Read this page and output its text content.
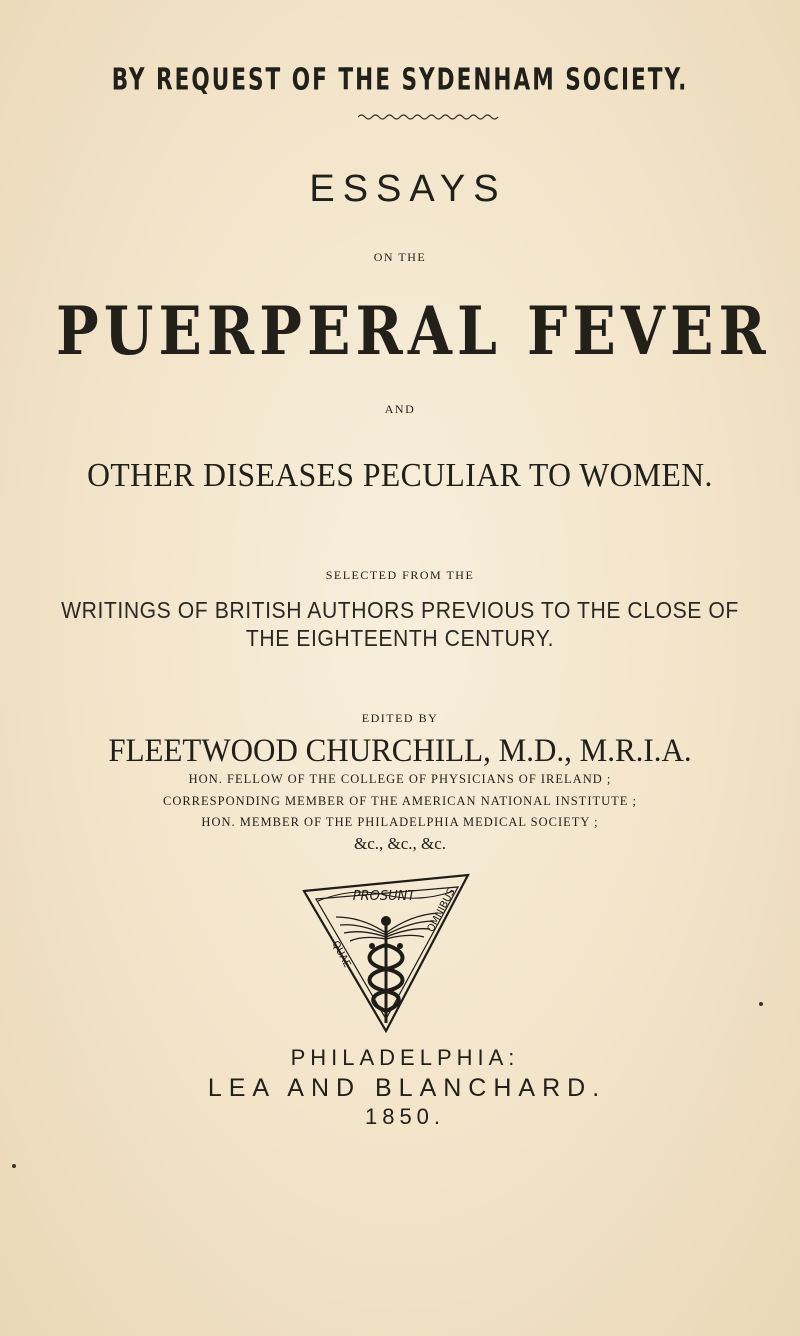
BY REQUEST OF THE SYDENHAM SOCIETY.
ESSAYS
ON THE
PUERPERAL FEVER
AND
OTHER DISEASES PECULIAR TO WOMEN.
SELECTED FROM THE
WRITINGS OF BRITISH AUTHORS PREVIOUS TO THE CLOSE OF
THE EIGHTEENTH CENTURY.
EDITED BY
FLEETWOOD CHURCHILL, M.D., M.R.I.A.
HON. FELLOW OF THE COLLEGE OF PHYSICIANS OF IRELAND ;
CORRESPONDING MEMBER OF THE AMERICAN NATIONAL INSTITUTE ;
HON. MEMBER OF THE PHILADELPHIA MEDICAL SOCIETY ;
&c., &c., &c.
PROSUNT
QUAE
OMNIBUS
PHILADELPHIA:
LEA AND BLANCHARD.
1850.
